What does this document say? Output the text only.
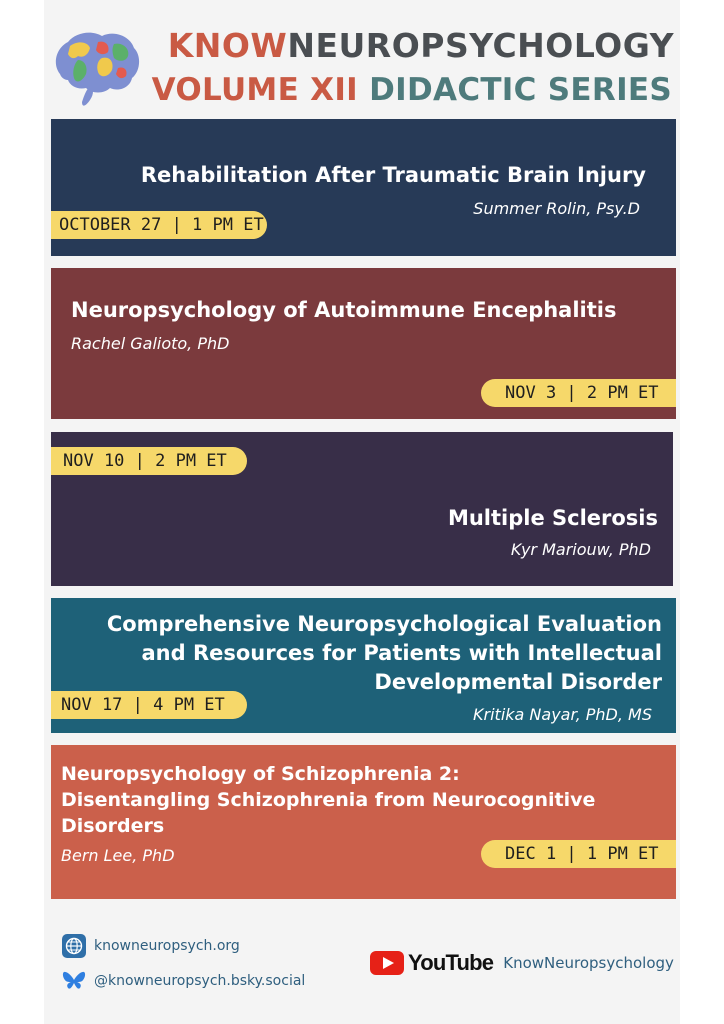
KNOWNEUROPSYCHOLOGY
VOLUME XII DIDACTIC SERIES
Rehabilitation After Traumatic Brain Injury
Summer Rolin, Psy.D
OCTOBER 27 | 1 PM ET
Neuropsychology of Autoimmune Encephalitis
Rachel Galioto, PhD
NOV 3 | 2 PM ET
Multiple Sclerosis
Kyr Mariouw, PhD
NOV 10 | 2 PM ET
Comprehensive Neuropsychological Evaluation
and Resources for Patients with Intellectual
Developmental Disorder
Kritika Nayar, PhD, MS
NOV 17 | 4 PM ET
Neuropsychology of Schizophrenia 2:
Disentangling Schizophrenia from Neurocognitive
Disorders
Bern Lee, PhD	DEC 1 | 1 PM ET
knowneuropsych.org
@knowneuropsych.bsky.social
YouTube KnowNeuropsychology
